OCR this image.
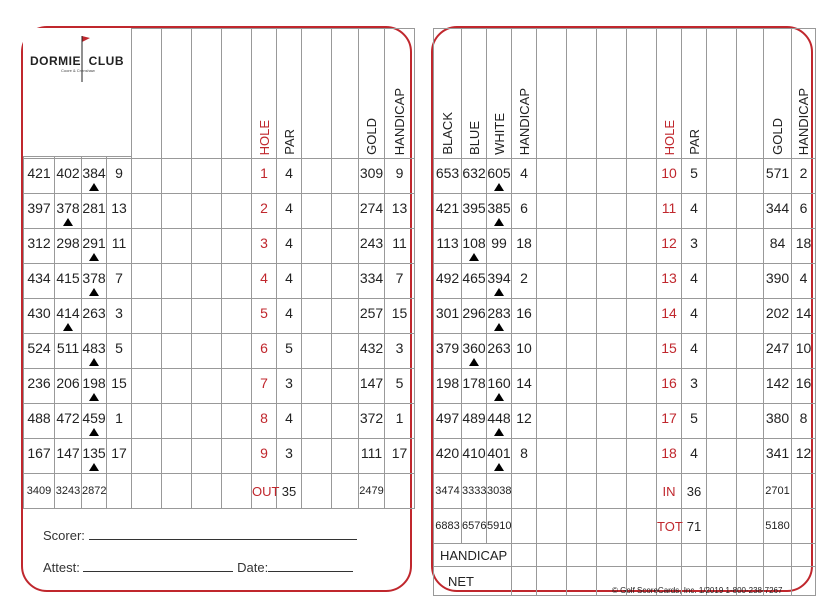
DORMIE CLUB
Coore & Crenshaw
								HOLE	PAR			GOLD	HANDICAP
421	402	384	9					1	4			309	9
397	378	281	13					2	4			274	13
312	298	291	11					3	4			243	11
434	415	378	7					4	4			334	7
430	414	263	3					5	4			257	15
524	511	483	5					6	5			432	3
236	206	198	15					7	3			147	5
488	472	459	1					8	4			372	1
167	147	135	17					9	3			111	17
3409	3243	2872						OUT	35			2479	
Scorer:
Attest:	Date:
BLACK	BLUE	WHITE	HANDICAP					HOLE	PAR			GOLD	HANDICAP
653	632	605	4					10	5			571	2
421	395	385	6					11	4			344	6
113	108	99	18					12	3			84	18
492	465	394	2					13	4			390	4
301	296	283	16					14	4			202	14
379	360	263	10					15	4			247	10
198	178	160	14					16	3			142	16
497	489	448	12					17	5			380	8
420	410	401	8					18	4			341	12
3474	3333	3038						IN	36			2701	
6883	6576	5910						TOT	71			5180	
HANDICAP													
NET													
© Golf ScoreCards, Inc. 1/2019 1-800-238-7267
